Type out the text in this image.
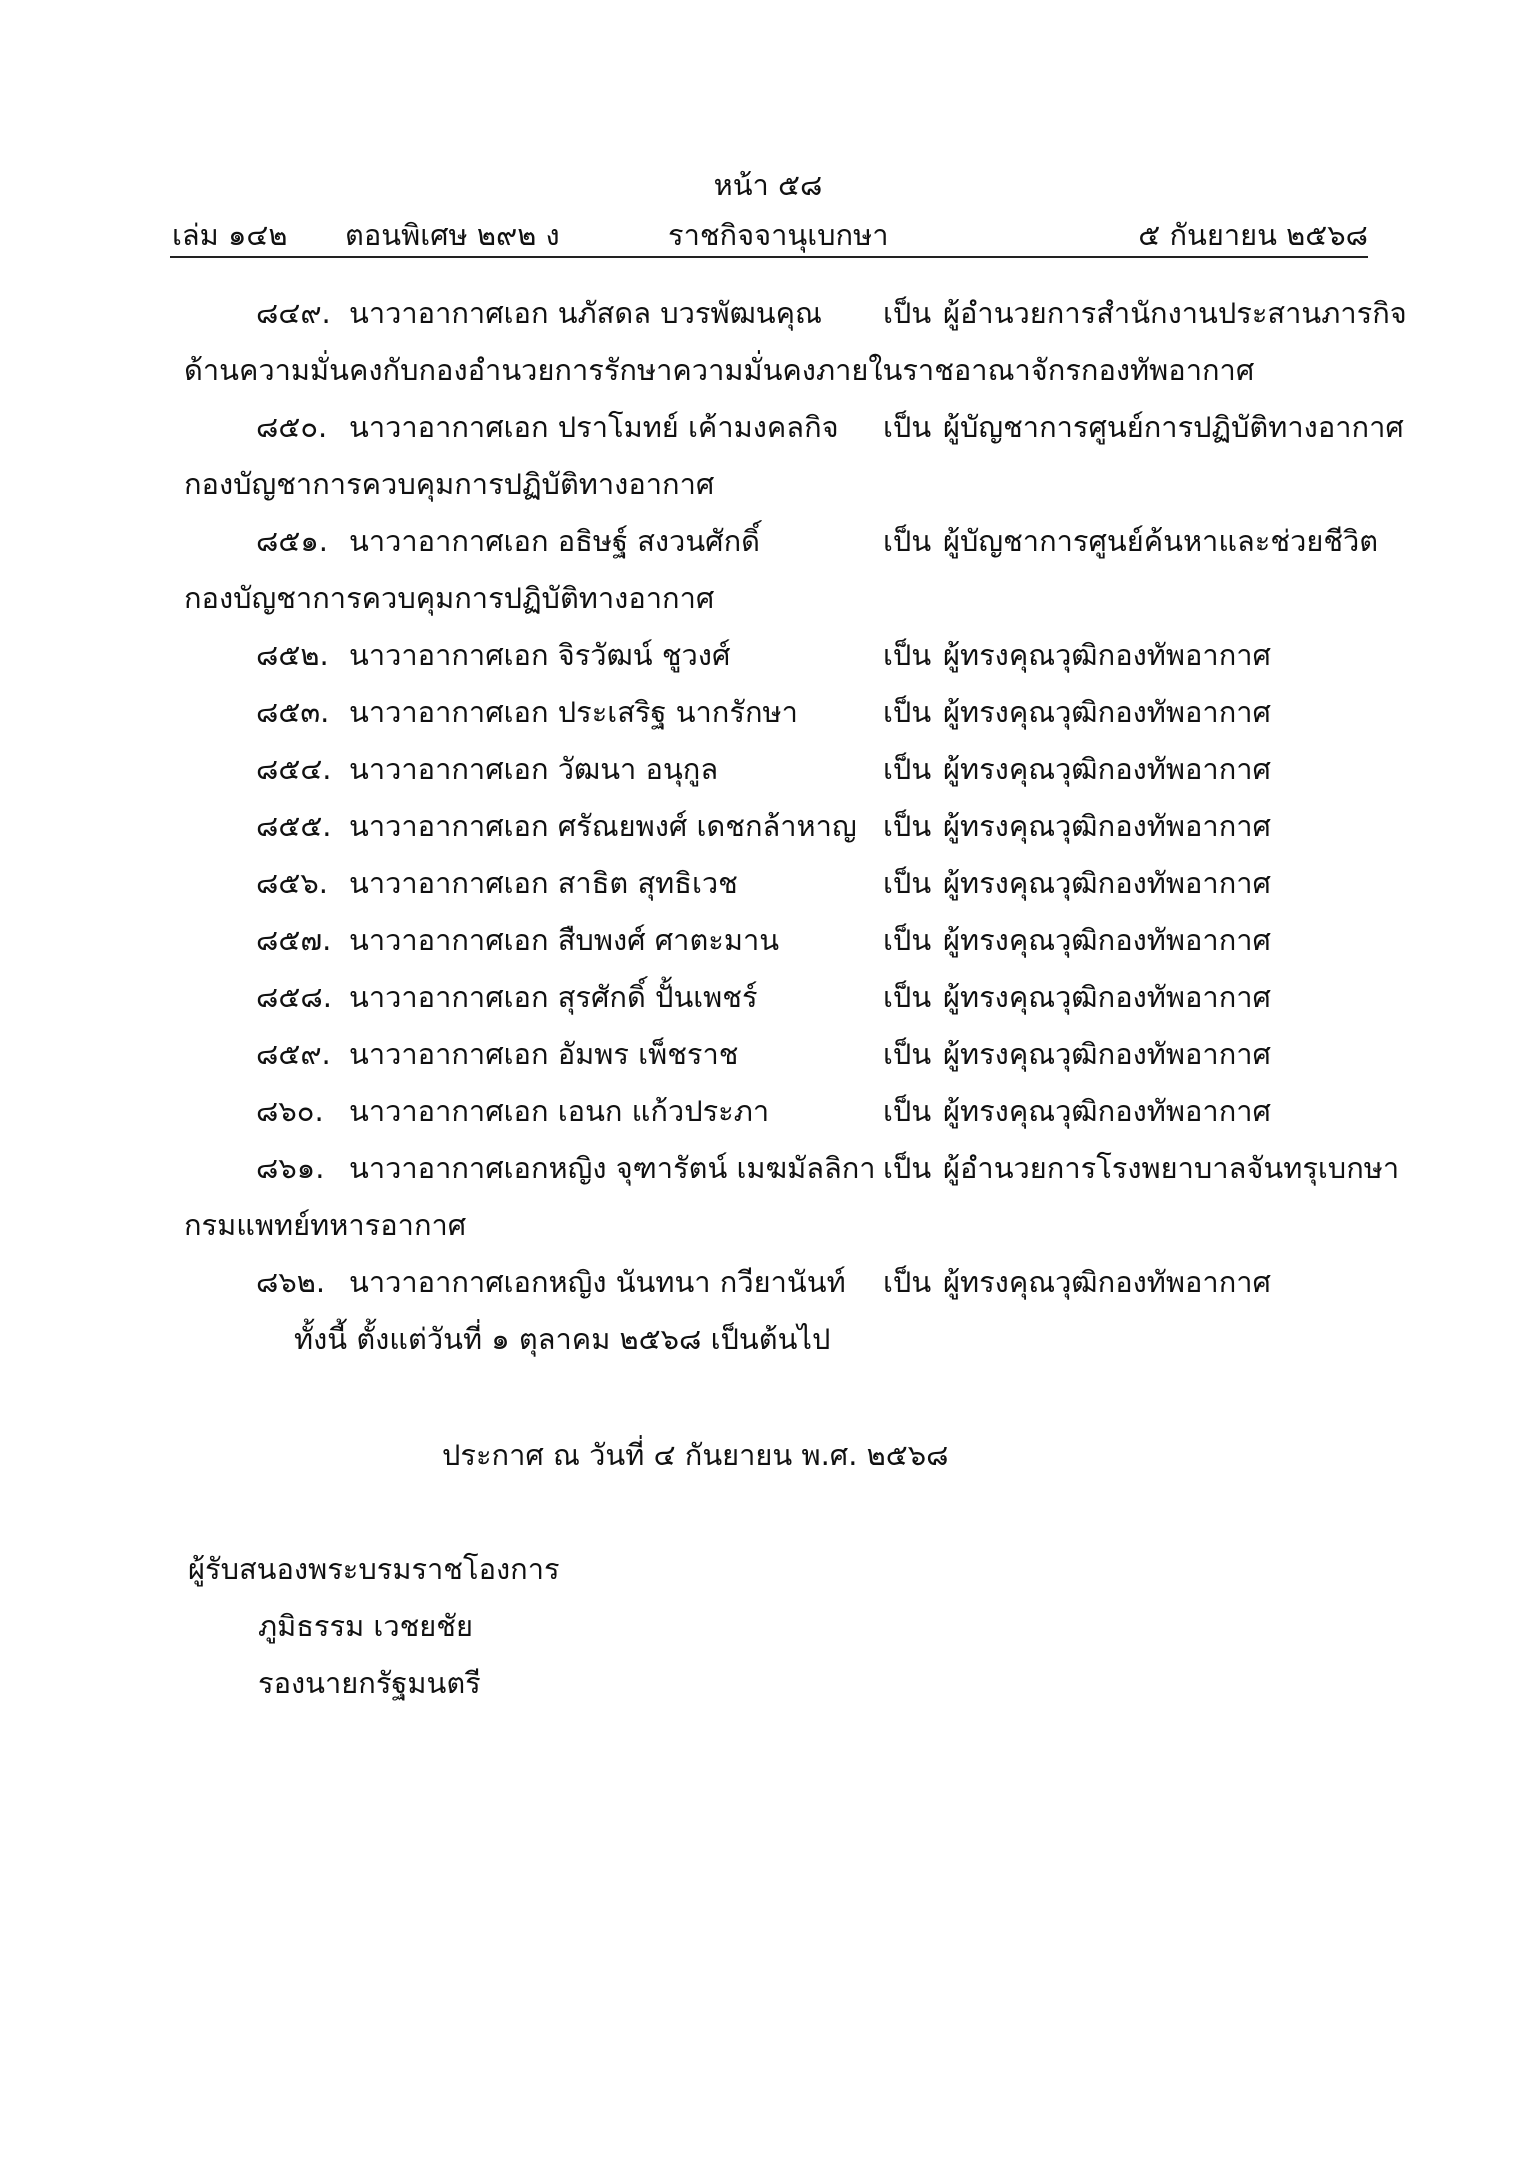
หน้า ๕๘
เล่ม ๑๔๒ ตอนพิเศษ ๒๙๒ ง	ราชกิจจานุเบกษา	๕ กันยายน ๒๕๖๘
๘๔๙. นาวาอากาศเอก นภัสดล บวรพัฒนคุณ เป็น ผู้อำนวยการสำนักงานประสานภารกิจ
ด้านความมั่นคงกับกองอำนวยการรักษาความมั่นคงภายในราชอาณาจักรกองทัพอากาศ
๘๕๐. นาวาอากาศเอก ปราโมทย์ เค้ามงคลกิจ เป็น ผู้บัญชาการศูนย์การปฏิบัติทางอากาศ
กองบัญชาการควบคุมการปฏิบัติทางอากาศ
๘๕๑. นาวาอากาศเอก อธิษฐ์ สงวนศักดิ์	เป็น ผู้บัญชาการศูนย์ค้นหาและช่วยชีวิต
กองบัญชาการควบคุมการปฏิบัติทางอากาศ
๘๕๒. นาวาอากาศเอก จิรวัฒน์ ชูวงศ์	เป็น ผู้ทรงคุณวุฒิกองทัพอากาศ
๘๕๓. นาวาอากาศเอก ประเสริฐ นากรักษา	เป็น ผู้ทรงคุณวุฒิกองทัพอากาศ
๘๕๔. นาวาอากาศเอก วัฒนา อนุกูล	เป็น ผู้ทรงคุณวุฒิกองทัพอากาศ
๘๕๕. นาวาอากาศเอก ศรัณยพงศ์ เดชกล้าหาญ เป็น ผู้ทรงคุณวุฒิกองทัพอากาศ
๘๕๖. นาวาอากาศเอก สาธิต สุทธิเวช	เป็น ผู้ทรงคุณวุฒิกองทัพอากาศ
๘๕๗. นาวาอากาศเอก สืบพงศ์ ศาตะมาน	เป็น ผู้ทรงคุณวุฒิกองทัพอากาศ
๘๕๘. นาวาอากาศเอก สุรศักดิ์ ปั้นเพชร์	เป็น ผู้ทรงคุณวุฒิกองทัพอากาศ
๘๕๙. นาวาอากาศเอก อัมพร เพ็ชราช	เป็น ผู้ทรงคุณวุฒิกองทัพอากาศ
๘๖๐. นาวาอากาศเอก เอนก แก้วประภา	เป็น ผู้ทรงคุณวุฒิกองทัพอากาศ
๘๖๑. นาวาอากาศเอกหญิง จุฑารัตน์ เมฆมัลลิกา เป็น ผู้อำนวยการโรงพยาบาลจันทรุเบกษา
กรมแพทย์ทหารอากาศ
๘๖๒. นาวาอากาศเอกหญิง นันทนา กวียานันท์ เป็น ผู้ทรงคุณวุฒิกองทัพอากาศ
ทั้งนี้ ตั้งแต่วันที่ ๑ ตุลาคม ๒๕๖๘ เป็นต้นไป
ประกาศ ณ วันที่ ๔ กันยายน พ.ศ. ๒๕๖๘
ผู้รับสนองพระบรมราชโองการ
ภูมิธรรม เวชยชัย
รองนายกรัฐมนตรี
